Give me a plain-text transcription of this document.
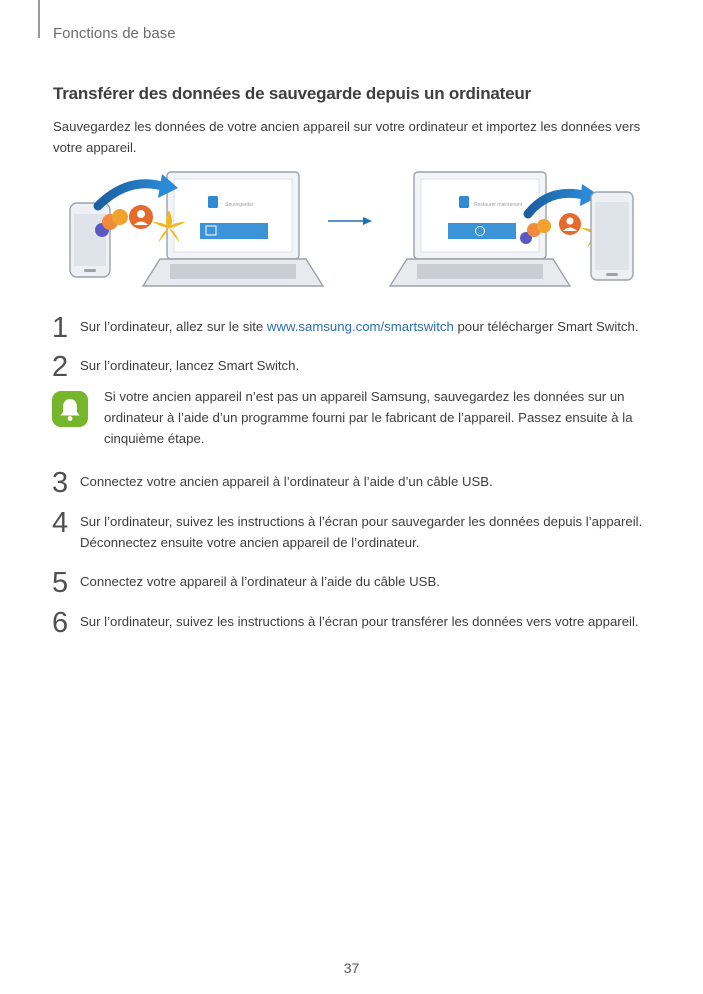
Fonctions de base
Transférer des données de sauvegarde depuis un ordinateur
Sauvegardez les données de votre ancien appareil sur votre ordinateur et importez les données vers votre appareil.
Sauvegarder	Restaurer maintenant
1 Sur l’ordinateur, allez sur le site www.samsung.com/smartswitch pour télécharger Smart Switch.
2 Sur l’ordinateur, lancez Smart Switch.
Si votre ancien appareil n’est pas un appareil Samsung, sauvegardez les données sur un ordinateur à l’aide d’un programme fourni par le fabricant de l’appareil. Passez ensuite à la cinquième étape.
3 Connectez votre ancien appareil à l’ordinateur à l’aide d’un câble USB.
4 Sur l’ordinateur, suivez les instructions à l’écran pour sauvegarder les données depuis l’appareil. Déconnectez ensuite votre ancien appareil de l’ordinateur.
5 Connectez votre appareil à l’ordinateur à l’aide du câble USB.
6 Sur l’ordinateur, suivez les instructions à l’écran pour transférer les données vers votre appareil.
37
